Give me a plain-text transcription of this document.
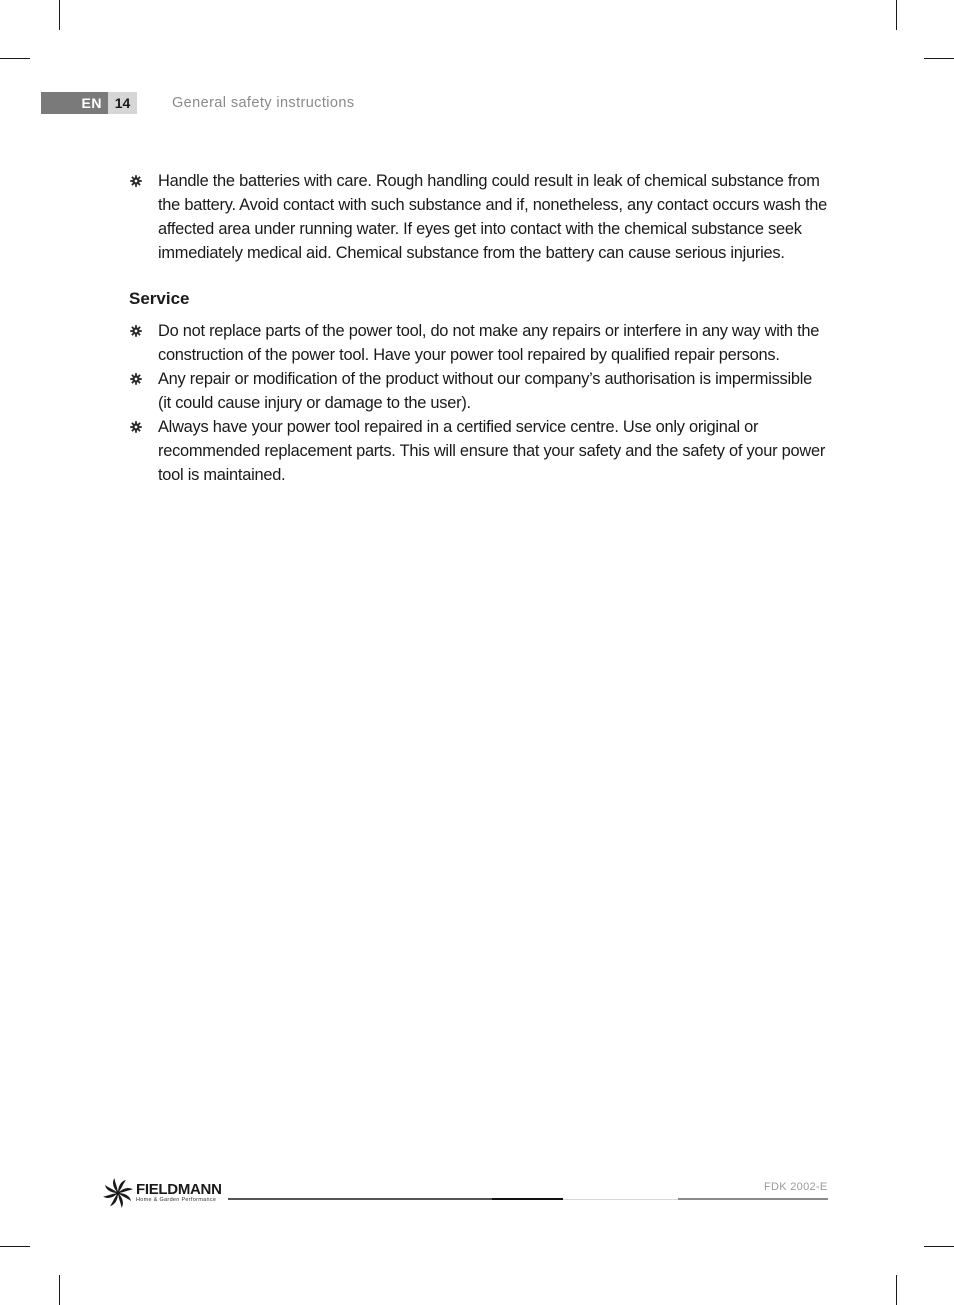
EN 14	General safety instructions
Handle the batteries with care. Rough handling could result in leak of chemical substance from the battery. Avoid contact with such substance and if, nonetheless, any contact occurs wash the affected area under running water. If eyes get into contact with the chemical substance seek immediately medical aid. Chemical substance from the battery can cause serious injuries.
Service
Do not replace parts of the power tool, do not make any repairs or interfere in any way with the construction of the power tool. Have your power tool repaired by qualified repair persons.
Any repair or modification of the product without our company’s authorisation is impermissible (it could cause injury or damage to the user).
Always have your power tool repaired in a certified service centre. Use only original or recommended replacement parts. This will ensure that your safety and the safety of your power tool is maintained.
FIELDMANN
Home & Garden Performance
FDK 2002-E
